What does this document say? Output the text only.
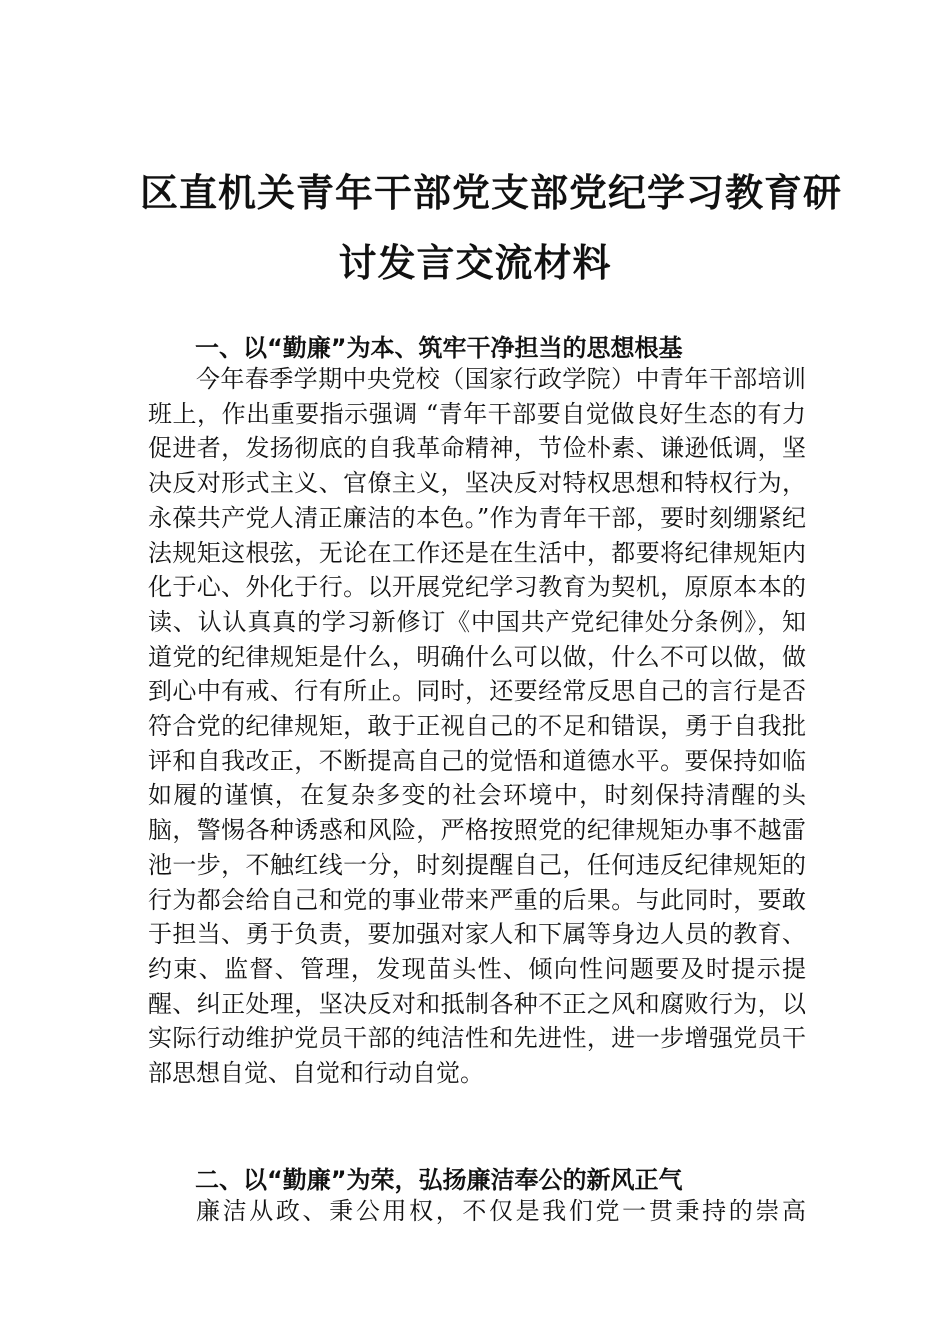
区直机关青年干部党支部党纪学习教育研
讨发言交流材料
一、以“勤廉”为本、筑牢干净担当的思想根基

今年春季学期中央党校（国家行政学院）中青年干部培训班上，作出重要指示强调 “青年干部要自觉做良好生态的有力促进者，发扬彻底的自我革命精神，节俭朴素、谦逊低调，坚决反对形式主义、官僚主义，坚决反对特权思想和特权行为，永葆共产党人清正廉洁的本色。”作为青年干部，要时刻绷紧纪法规矩这根弦，无论在工作还是在生活中，都要将纪律规矩内化于心、外化于行。以开展党纪学习教育为契机，原原本本的读、认认真真的学习新修订《中国共产党纪律处分条例》，知道党的纪律规矩是什么，明确什么可以做，什么不可以做，做到心中有戒、行有所止。同时，还要经常反思自己的言行是否符合党的纪律规矩，敢于正视自己的不足和错误，勇于自我批评和自我改正，不断提高自己的觉悟和道德水平。要保持如临如履的谨慎，在复杂多变的社会环境中，时刻保持清醒的头脑，警惕各种诱惑和风险，严格按照党的纪律规矩办事不越雷池一步，不触红线一分，时刻提醒自己，任何违反纪律规矩的行为都会给自己和党的事业带来严重的后果。与此同时，要敢于担当、勇于负责，要加强对家人和下属等身边人员的教育、约束、监督、管理，发现苗头性、倾向性问题要及时提示提醒、纠正处理，坚决反对和抵制各种不正之风和腐败行为，以实际行动维护党员干部的纯洁性和先进性，进一步增强党员干部思想自觉、自觉和行动自觉。

二、以“勤廉”为荣，弘扬廉洁奉公的新风正气

廉洁从政、秉公用权，不仅是我们党一贯秉持的崇高
